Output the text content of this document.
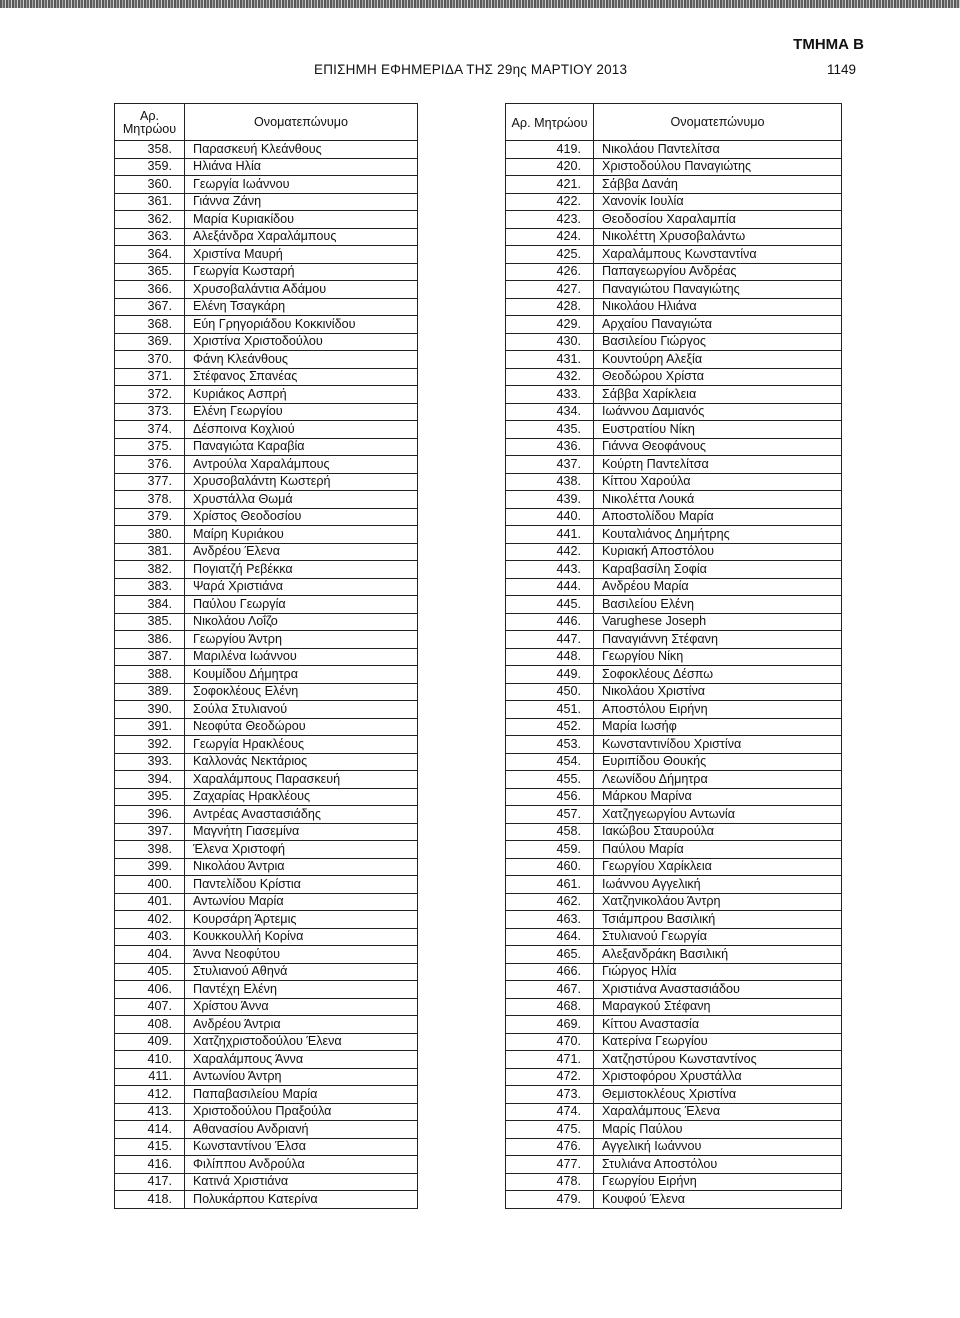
ΤΜΗΜΑ Β
ΕΠΙΣΗΜΗ ΕΦΗΜΕΡΙΔΑ ΤΗΣ 29ης ΜΑΡΤΙΟΥ 2013	1149
Αρ. Μητρώου	Ονοματεπώνυμο
358.	Παρασκευή Κλεάνθους
359.	Ηλιάνα Ηλία
360.	Γεωργία Ιωάννου
361.	Γιάννα Ζάνη
362.	Μαρία Κυριακίδου
363.	Αλεξάνδρα Χαραλάμπους
364.	Χριστίνα Μαυρή
365.	Γεωργία Κωσταρή
366.	Χρυσοβαλάντια Αδάμου
367.	Ελένη Τσαγκάρη
368.	Εύη Γρηγοριάδου Κοκκινίδου
369.	Χριστίνα Χριστοδούλου
370.	Φάνη Κλεάνθους
371.	Στέφανος Σπανέας
372.	Κυριάκος Ασπρή
373.	Ελένη Γεωργίου
374.	Δέσποινα Κοχλιού
375.	Παναγιώτα Καραβία
376.	Αντρούλα Χαραλάμπους
377.	Χρυσοβαλάντη Κωστερή
378.	Χρυστάλλα Θωμά
379.	Χρίστος Θεοδοσίου
380.	Μαίρη Κυριάκου
381.	Ανδρέου Έλενα
382.	Πογιατζή Ρεβέκκα
383.	Ψαρά Χριστιάνα
384.	Παύλου Γεωργία
385.	Νικολάου Λοΐζο
386.	Γεωργίου Άντρη
387.	Μαριλένα Ιωάννου
388.	Κουμίδου Δήμητρα
389.	Σοφοκλέους Ελένη
390.	Σούλα Στυλιανού
391.	Νεοφύτα Θεοδώρου
392.	Γεωργία Ηρακλέους
393.	Καλλονάς Νεκτάριος
394.	Χαραλάμπους Παρασκευή
395.	Ζαχαρίας Ηρακλέους
396.	Αντρέας Αναστασιάδης
397.	Μαγνήτη Γιασεμίνα
398.	Έλενα Χριστοφή
399.	Νικολάου Άντρια
400.	Παντελίδου Κρίστια
401.	Αντωνίου Μαρία
402.	Κουρσάρη Άρτεμις
403.	Κουκκουλλή Κορίνα
404.	Άννα Νεοφύτου
405.	Στυλιανού Αθηνά
406.	Παντέχη Ελένη
407.	Χρίστου Άννα
408.	Ανδρέου Άντρια
409.	Χατζηχριστοδούλου Έλενα
410.	Χαραλάμπους Άννα
411.	Αντωνίου Άντρη
412.	Παπαβασιλείου Μαρία
413.	Χριστοδούλου Πραξούλα
414.	Αθανασίου Ανδριανή
415.	Κωνσταντίνου Έλσα
416.	Φιλίππου Ανδρούλα
417.	Κατινά Χριστιάνα
418.	Πολυκάρπου Κατερίνα
Αρ. Μητρώου	Ονοματεπώνυμο
419.	Νικολάου Παντελίτσα
420.	Χριστοδούλου Παναγιώτης
421.	Σάββα Δανάη
422.	Χανονίκ Ιουλία
423.	Θεοδοσίου Χαραλαμπία
424.	Νικολέττη Χρυσοβαλάντω
425.	Χαραλάμπους Κωνσταντίνα
426.	Παπαγεωργίου Ανδρέας
427.	Παναγιώτου Παναγιώτης
428.	Νικολάου Ηλιάνα
429.	Αρχαίου Παναγιώτα
430.	Βασιλείου Γιώργος
431.	Κουντούρη Αλεξία
432.	Θεοδώρου Χρίστα
433.	Σάββα Χαρίκλεια
434.	Ιωάννου Δαμιανός
435.	Ευστρατίου Νίκη
436.	Γιάννα Θεοφάνους
437.	Κούρτη Παντελίτσα
438.	Κίττου Χαρούλα
439.	Νικολέττα Λουκά
440.	Αποστολίδου Μαρία
441.	Κουταλιάνος Δημήτρης
442.	Κυριακή Αποστόλου
443.	Καραβασίλη Σοφία
444.	Ανδρέου Μαρία
445.	Βασιλείου Ελένη
446.	Varughese Joseph
447.	Παναγιάννη Στέφανη
448.	Γεωργίου Νίκη
449.	Σοφοκλέους Δέσπω
450.	Νικολάου Χριστίνα
451.	Αποστόλου Ειρήνη
452.	Μαρία Ιωσήφ
453.	Κωνσταντινίδου Χριστίνα
454.	Ευριπίδου Θουκής
455.	Λεωνίδου Δήμητρα
456.	Μάρκου Μαρίνα
457.	Χατζηγεωργίου Αντωνία
458.	Ιακώβου Σταυρούλα
459.	Παύλου Μαρία
460.	Γεωργίου Χαρίκλεια
461.	Ιωάννου Αγγελική
462.	Χατζηνικολάου Άντρη
463.	Τσιάμπρου Βασιλική
464.	Στυλιανού Γεωργία
465.	Αλεξανδράκη Βασιλική
466.	Γιώργος Ηλία
467.	Χριστιάνα Αναστασιάδου
468.	Μαραγκού Στέφανη
469.	Κίττου Αναστασία
470.	Κατερίνα Γεωργίου
471.	Χατζηστύρου Κωνσταντίνος
472.	Χριστοφόρου Χρυστάλλα
473.	Θεμιστοκλέους Χριστίνα
474.	Χαραλάμπους Έλενα
475.	Μαρίς Παύλου
476.	Αγγελική Ιωάννου
477.	Στυλιάνα Αποστόλου
478.	Γεωργίου Ειρήνη
479.	Κουφού Έλενα
